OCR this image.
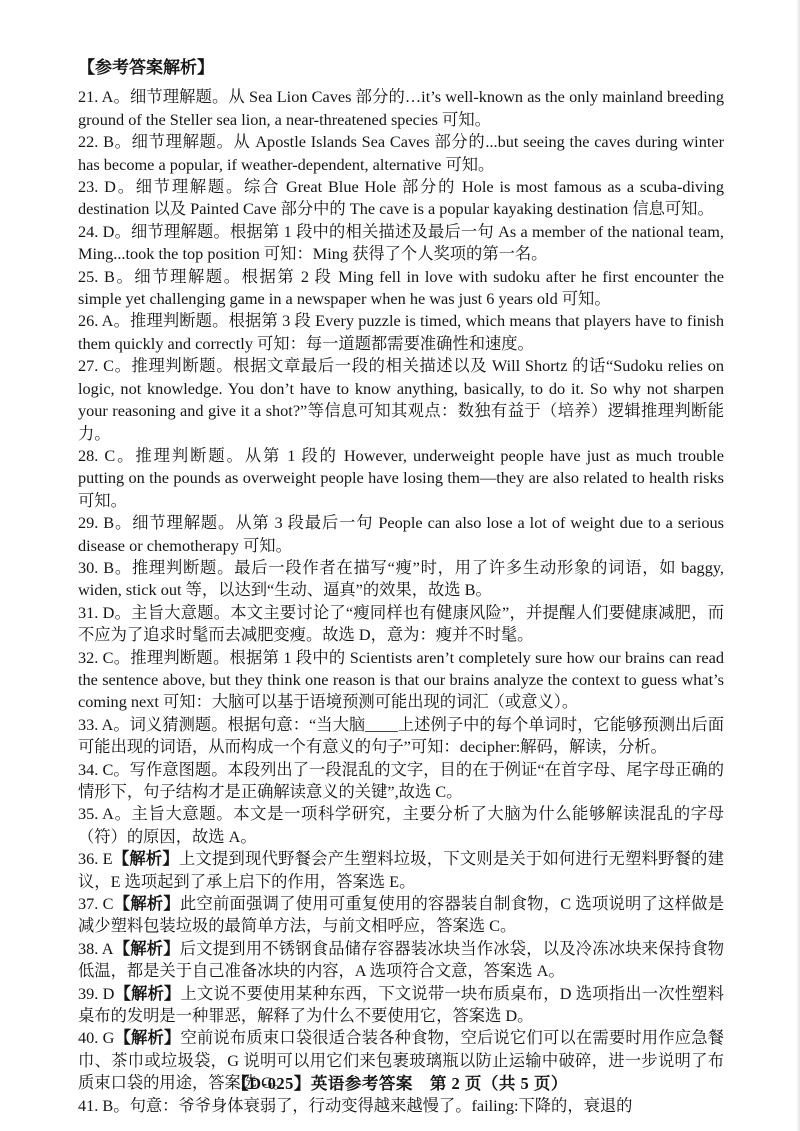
【参考答案解析】

21. A。细节理解题。从 Sea Lion Caves 部分的…it’s well-known as the only mainland breeding ground of the Steller sea lion, a near-threatened species 可知。

22. B。细节理解题。从 Apostle Islands Sea Caves 部分的...but seeing the caves during winter has become a popular, if weather-dependent, alternative 可知。

23. D。细节理解题。综合 Great Blue Hole 部分的 Hole is most famous as a scuba-diving destination 以及 Painted Cave 部分中的 The cave is a popular kayaking destination 信息可知。

24. D。细节理解题。根据第 1 段中的相关描述及最后一句 As a member of the national team, Ming...took the top position 可知：Ming 获得了个人奖项的第一名。

25. B。细节理解题。根据第 2 段 Ming fell in love with sudoku after he first encounter the simple yet challenging game in a newspaper when he was just 6 years old 可知。

26. A。推理判断题。根据第 3 段 Every puzzle is timed, which means that players have to finish them quickly and correctly 可知：每一道题都需要准确性和速度。

27. C。推理判断题。根据文章最后一段的相关描述以及 Will Shortz 的话“Sudoku relies on logic, not knowledge. You don’t have to know anything, basically, to do it. So why not sharpen your reasoning and give it a shot?”等信息可知其观点：数独有益于（培养）逻辑推理判断能力。

28. C。推理判断题。从第 1 段的 However, underweight people have just as much trouble putting on the pounds as overweight people have losing them—they are also related to health risks 可知。

29. B。细节理解题。从第 3 段最后一句 People can also lose a lot of weight due to a serious disease or chemotherapy 可知。

30. B。推理判断题。最后一段作者在描写“瘦”时，用了许多生动形象的词语，如 baggy, widen, stick out 等，以达到“生动、逼真”的效果，故选 B。

31. D。主旨大意题。本文主要讨论了“瘦同样也有健康风险”，并提醒人们要健康减肥，而不应为了追求时髦而去减肥变瘦。故选 D，意为：瘦并不时髦。

32. C。推理判断题。根据第 1 段中的 Scientists aren’t completely sure how our brains can read the sentence above, but they think one reason is that our brains analyze the context to guess what’s coming next 可知：大脑可以基于语境预测可能出现的词汇（或意义）。

33. A。词义猜测题。根据句意：“当大脑____上述例子中的每个单词时，它能够预测出后面可能出现的词语，从而构成一个有意义的句子”可知：decipher:解码，解读，分析。

34. C。写作意图题。本段列出了一段混乱的文字，目的在于例证“在首字母、尾字母正确的情形下，句子结构才是正确解读意义的关键”,故选 C。

35. A。主旨大意题。本文是一项科学研究，主要分析了大脑为什么能够解读混乱的字母（符）的原因，故选 A。

36. E【解析】上文提到现代野餐会产生塑料垃圾，下文则是关于如何进行无塑料野餐的建议，E 选项起到了承上启下的作用，答案选 E。

37. C【解析】此空前面强调了使用可重复使用的容器装自制食物，C 选项说明了这样做是减少塑料包装垃圾的最简单方法，与前文相呼应，答案选 C。

38. A【解析】后文提到用不锈钢食品储存容器装冰块当作冰袋，以及冷冻冰块来保持食物低温，都是关于自己准备冰块的内容，A 选项符合文意，答案选 A。

39. D【解析】上文说不要使用某种东西，下文说带一块布质桌布，D 选项指出一次性塑料桌布的发明是一种罪恶，解释了为什么不要使用它，答案选 D。

40. G【解析】空前说布质束口袋很适合装各种食物，空后说它们可以在需要时用作应急餐巾、茶巾或垃圾袋，G 说明可以用它们来包裹玻璃瓶以防止运输中破碎，进一步说明了布质束口袋的用途，答案选 G。

41. B。句意：爷爷身体衰弱了，行动变得越来越慢了。failing:下降的，衰退的

【D-025】英语参考答案　第 2 页（共 5 页）
